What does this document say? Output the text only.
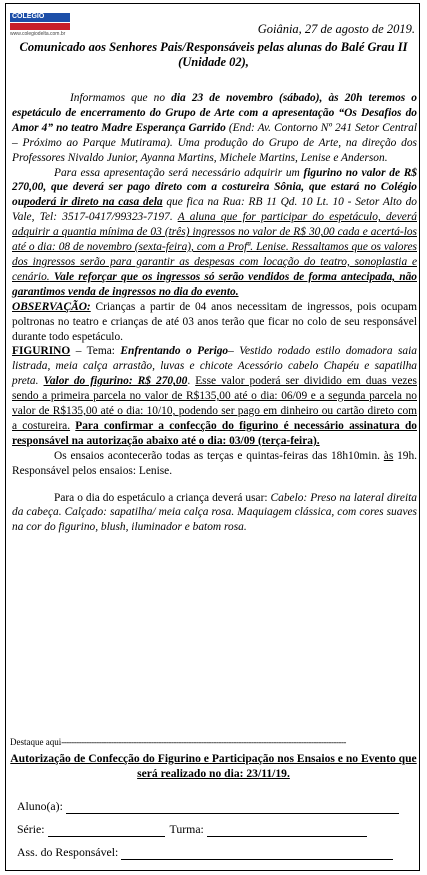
COLÉGIO
www.colegiodelta.com.br	Goiânia, 27 de agosto de 2019.
Comunicado aos Senhores Pais/Responsáveis pelas alunas do Balé Grau II (Unidade 02),

Informamos que no dia 23 de novembro (sábado), às 20h teremos o espetáculo de encerramento do Grupo de Arte com a apresentação “Os Desafios do Amor 4” no teatro Madre Esperança Garrido (End: Av. Contorno Nº 241 Setor Central – Próximo ao Parque Mutirama). Uma produção do Grupo de Arte, na direção dos Professores Nivaldo Junior, Ayanna Martins, Michele Martins, Lenise e Anderson.

Para essa apresentação será necessário adquirir um figurino no valor de R$ 270,00, que deverá ser pago direto com a costureira Sônia, que estará no Colégio oupoderá ir direto na casa dela que fica na Rua: RB 11 Qd. 10 Lt. 10 - Setor Alto do Vale, Tel: 3517-0417/99323-7197. A aluna que for participar do espetáculo, deverá adquirir a quantia mínima de 03 (três) ingressos no valor de R$ 30,00 cada e acertá-los até o dia: 08 de novembro (sexta-feira), com a Profª. Lenise. Ressaltamos que os valores dos ingressos serão para garantir as despesas com locação do teatro, sonoplastia e cenário. Vale reforçar que os ingressos só serão vendidos de forma antecipada, não garantimos venda de ingressos no dia do evento.

OBSERVAÇÃO: Crianças a partir de 04 anos necessitam de ingressos, pois ocupam poltronas no teatro e crianças de até 03 anos terão que ficar no colo de seu responsável durante todo espetáculo.

FIGURINO – Tema: Enfrentando o Perigo– Vestido rodado estilo domadora saia listrada, meia calça arrastão, luvas e chicote Acessório cabelo Chapéu e sapatilha preta. Valor do figurino: R$ 270,00. Esse valor poderá ser dividido em duas vezes sendo a primeira parcela no valor de R$135,00 até o dia: 06/09 e a segunda parcela no valor de R$135,00 até o dia: 10/10, podendo ser pago em dinheiro ou cartão direto com a costureira. Para confirmar a confecção do figurino é necessário assinatura do responsável na autorização abaixo até o dia: 03/09 (terça-feira).

Os ensaios acontecerão todas as terças e quintas-feiras das 18h10min. às 19h. Responsável pelos ensaios: Lenise.

Para o dia do espetáculo a criança deverá usar: Cabelo: Preso na lateral direita da cabeça. Calçado: sapatilha/ meia calça rosa. Maquiagem clássica, com cores suaves na cor do figurino, blush, iluminador e batom rosa.

Destaque aqui------------------------------------------------------------------------------------------------------------------
Autorização de Confecção do Figurino e Participação nos Ensaios e no Evento que será realizado no dia: 23/11/19.
Aluno(a):
Série:	Turma:
Ass. do Responsável:
